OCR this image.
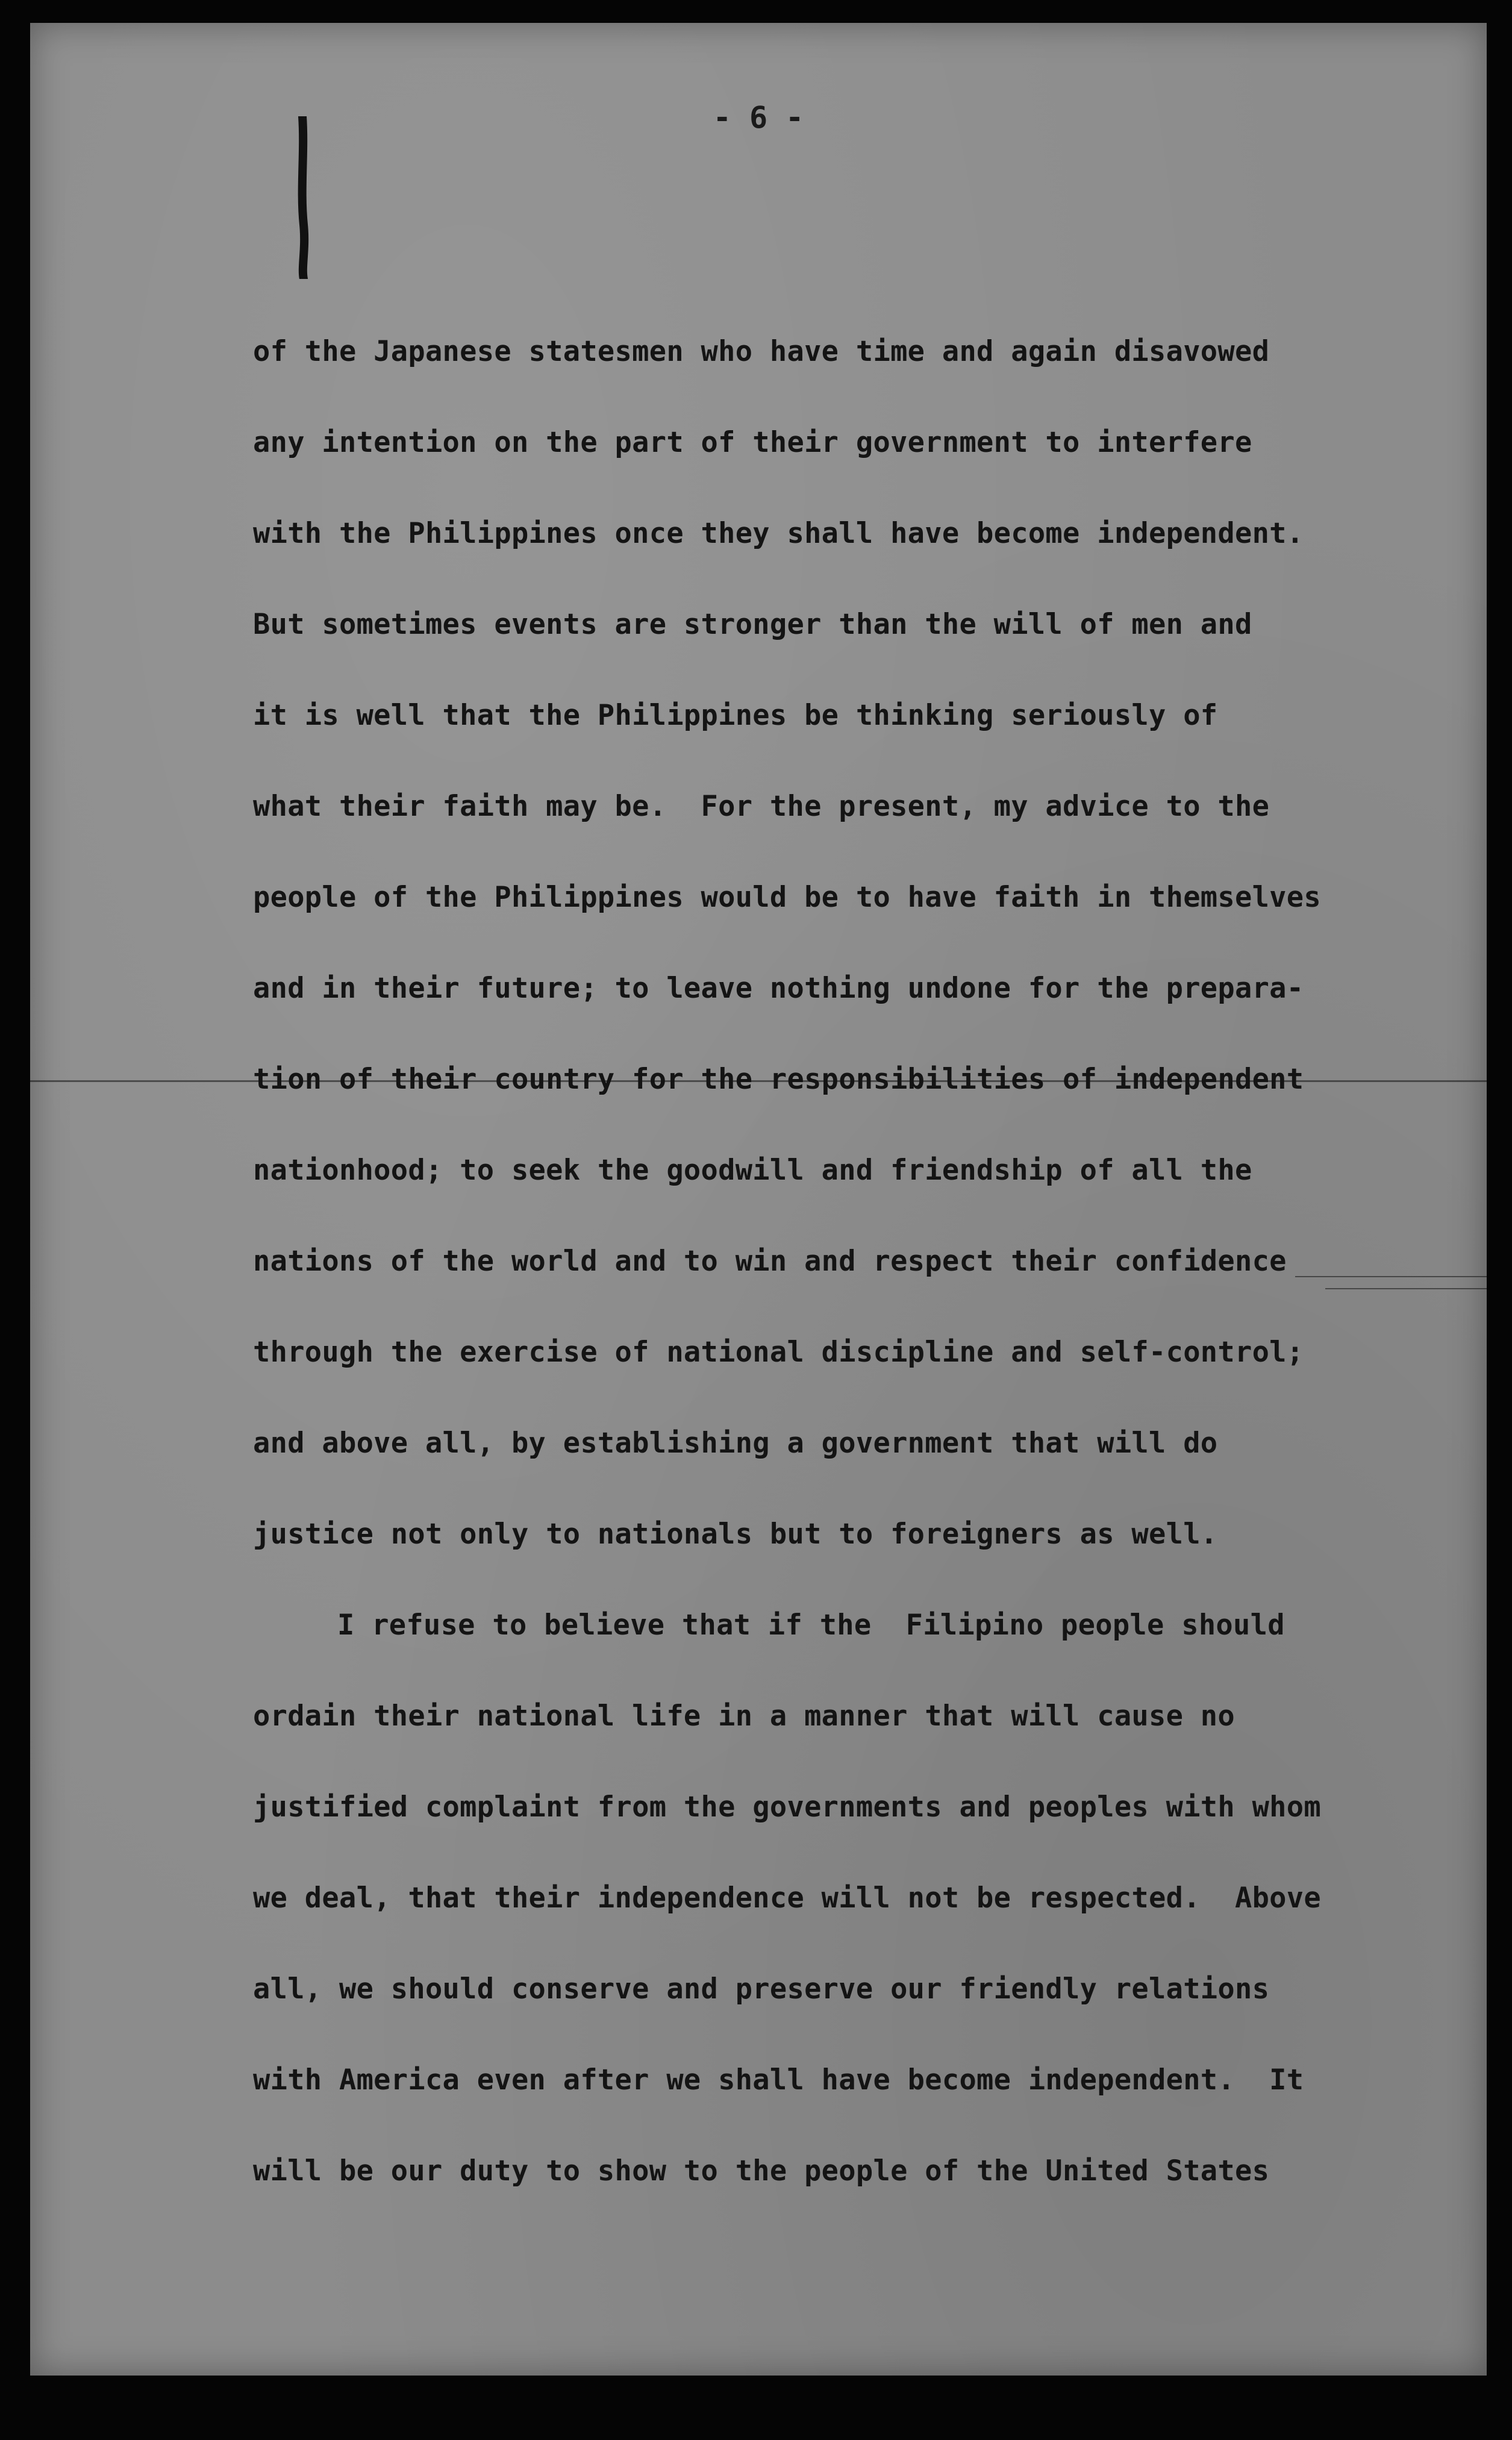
- 6 -

of the Japanese statesmen who have time and again disavowed
any intention on the part of their government to interfere
with the Philippines once they shall have become independent.
But sometimes events are stronger than the will of men and
it is well that the Philippines be thinking seriously of
what their faith may be.  For the present, my advice to the
people of the Philippines would be to have faith in themselves
and in their future; to leave nothing undone for the prepara-
tion of their country for the responsibilities of independent
nationhood; to seek the goodwill and friendship of all the
nations of the world and to win and respect their confidence
through the exercise of national discipline and self-control;
and above all, by establishing a government that will do
justice not only to nationals but to foreigners as well.
I refuse to believe that if the  Filipino people should
ordain their national life in a manner that will cause no
justified complaint from the governments and peoples with whom
we deal, that their independence will not be respected.  Above
all, we should conserve and preserve our friendly relations
with America even after we shall have become independent.  It
will be our duty to show to the people of the United States
